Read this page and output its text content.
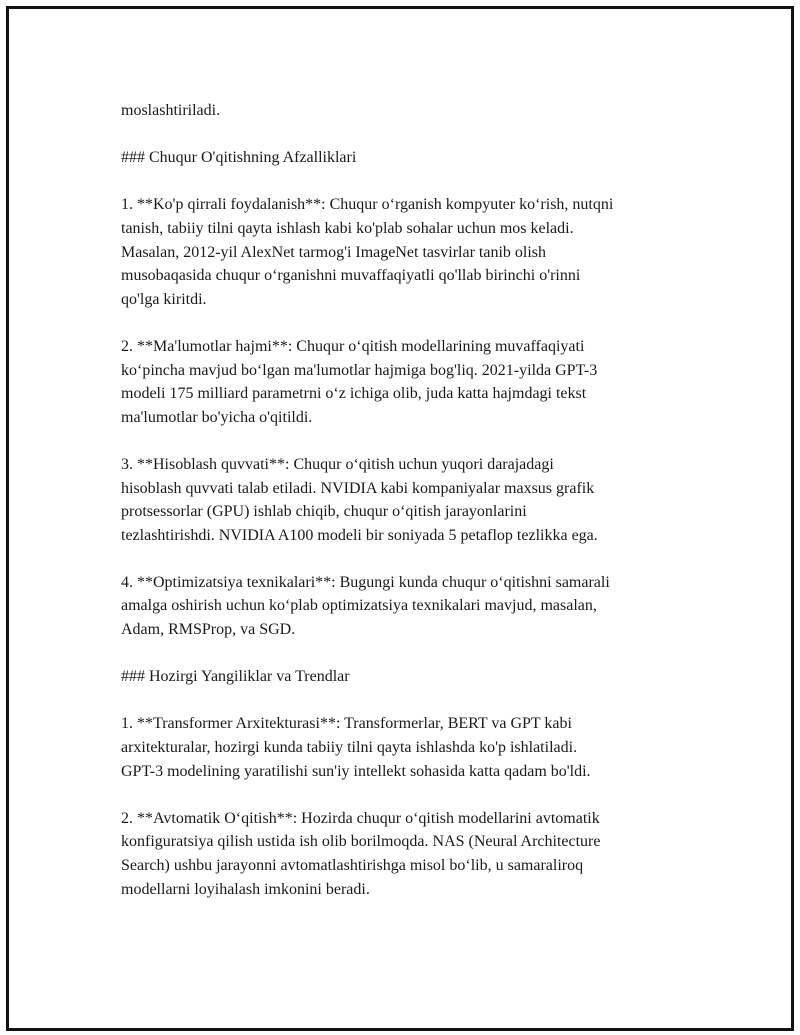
moslashtiriladi.

### Chuqur O'qitishning Afzalliklari

1. **Ko'p qirrali foydalanish**: Chuqur o‘rganish kompyuter ko‘rish, nutqni
tanish, tabiiy tilni qayta ishlash kabi ko'plab sohalar uchun mos keladi.
Masalan, 2012-yil AlexNet tarmog'i ImageNet tasvirlar tanib olish
musobaqasida chuqur o‘rganishni muvaffaqiyatli qo'llab birinchi o'rinni
qo'lga kiritdi.

2. **Ma'lumotlar hajmi**: Chuqur o‘qitish modellarining muvaffaqiyati
ko‘pincha mavjud bo‘lgan ma'lumotlar hajmiga bog'liq. 2021-yilda GPT-3
modeli 175 milliard parametrni o‘z ichiga olib, juda katta hajmdagi tekst
ma'lumotlar bo'yicha o'qitildi.

3. **Hisoblash quvvati**: Chuqur o‘qitish uchun yuqori darajadagi
hisoblash quvvati talab etiladi. NVIDIA kabi kompaniyalar maxsus grafik
protsessorlar (GPU) ishlab chiqib, chuqur o‘qitish jarayonlarini
tezlashtirishdi. NVIDIA A100 modeli bir soniyada 5 petaflop tezlikka ega.

4. **Optimizatsiya texnikalari**: Bugungi kunda chuqur o‘qitishni samarali
amalga oshirish uchun ko‘plab optimizatsiya texnikalari mavjud, masalan,
Adam, RMSProp, va SGD.

### Hozirgi Yangiliklar va Trendlar

1. **Transformer Arxitekturasi**: Transformerlar, BERT va GPT kabi
arxitekturalar, hozirgi kunda tabiiy tilni qayta ishlashda ko'p ishlatiladi.
GPT-3 modelining yaratilishi sun'iy intellekt sohasida katta qadam bo'ldi.

2. **Avtomatik O‘qitish**: Hozirda chuqur o‘qitish modellarini avtomatik
konfiguratsiya qilish ustida ish olib borilmoqda. NAS (Neural Architecture
Search) ushbu jarayonni avtomatlashtirishga misol bo‘lib, u samaraliroq
modellarni loyihalash imkonini beradi.
